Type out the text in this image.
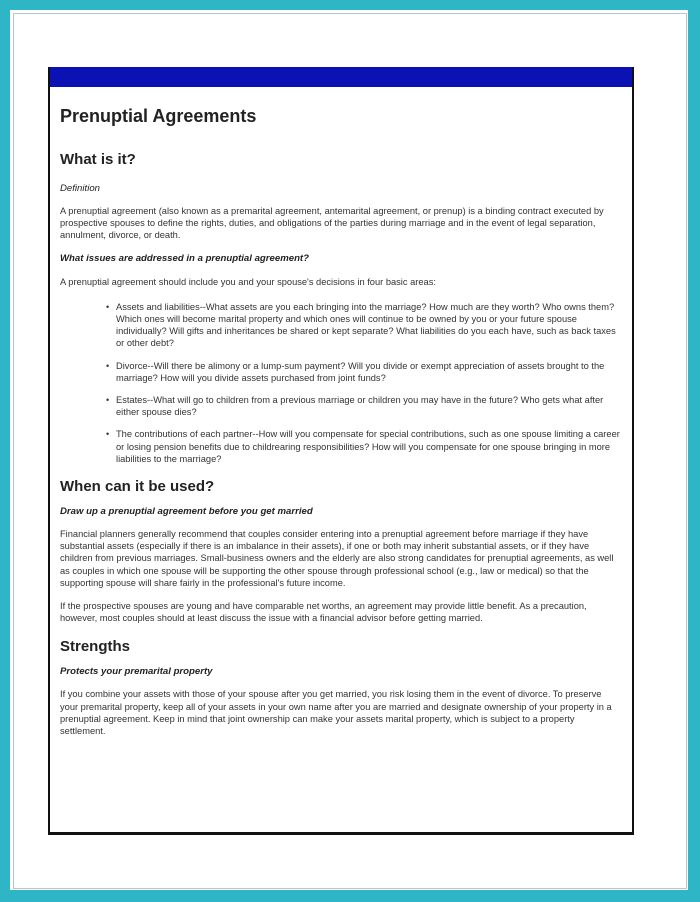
Prenuptial Agreements
What is it?
Definition

A prenuptial agreement (also known as a premarital agreement, antemarital agreement, or prenup) is a binding contract executed by prospective spouses to define the rights, duties, and obligations of the parties during marriage and in the event of legal separation, annulment, divorce, or death.

What issues are addressed in a prenuptial agreement?

A prenuptial agreement should include you and your spouse's decisions in four basic areas:

• Assets and liabilities--What assets are you each bringing into the marriage? How much are they worth? Who owns them? Which ones will become marital property and which ones will continue to be owned by you or your future spouse individually? Will gifts and inheritances be shared or kept separate? What liabilities do you each have, such as back taxes or other debt?
• Divorce--Will there be alimony or a lump-sum payment? Will you divide or exempt appreciation of assets brought to the marriage? How will you divide assets purchased from joint funds?
• Estates--What will go to children from a previous marriage or children you may have in the future? Who gets what after either spouse dies?
• The contributions of each partner--How will you compensate for special contributions, such as one spouse limiting a career or losing pension benefits due to childrearing responsibilities? How will you compensate for one spouse bringing in more liabilities to the marriage?
When can it be used?
Draw up a prenuptial agreement before you get married

Financial planners generally recommend that couples consider entering into a prenuptial agreement before marriage if they have substantial assets (especially if there is an imbalance in their assets), if one or both may inherit substantial assets, or if they have children from previous marriages. Small-business owners and the elderly are also strong candidates for prenuptial agreements, as well as couples in which one spouse will be supporting the other spouse through professional school (e.g., law or medical) so that the supporting spouse will share fairly in the professional's future income.

If the prospective spouses are young and have comparable net worths, an agreement may provide little benefit. As a precaution, however, most couples should at least discuss the issue with a financial advisor before getting married.

Strengths
Protects your premarital property

If you combine your assets with those of your spouse after you get married, you risk losing them in the event of divorce. To preserve your premarital property, keep all of your assets in your own name after you are married and designate ownership of your property in a prenuptial agreement. Keep in mind that joint ownership can make your assets marital property, which is subject to a property settlement.
